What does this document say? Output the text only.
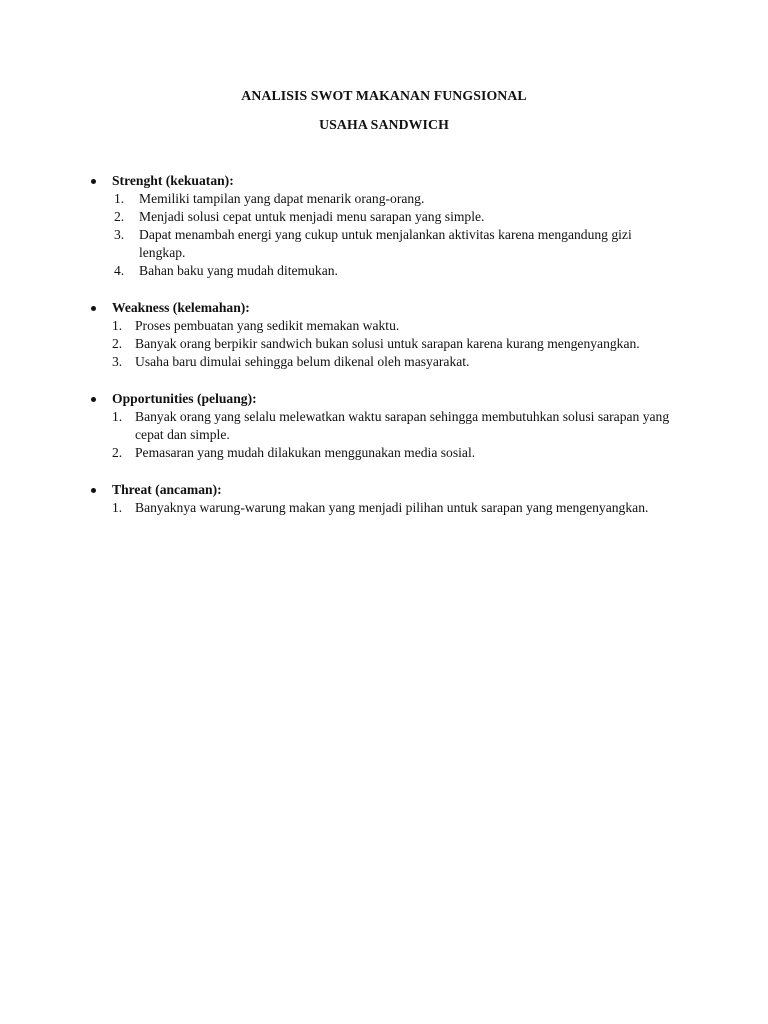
ANALISIS SWOT MAKANAN FUNGSIONAL
USAHA SANDWICH
Strenght (kekuatan):
1.	Memiliki tampilan yang dapat menarik orang-orang.
2.	Menjadi solusi cepat untuk menjadi menu sarapan yang simple.
3.	Dapat menambah energi yang cukup untuk menjalankan aktivitas karena mengandung gizi lengkap.
4.	Bahan baku yang mudah ditemukan.
Weakness (kelemahan):
1. Proses pembuatan yang sedikit memakan waktu.
2. Banyak orang berpikir sandwich bukan solusi untuk sarapan karena kurang mengenyangkan.
3. Usaha baru dimulai sehingga belum dikenal oleh masyarakat.
Opportunities (peluang):
1. Banyak orang yang selalu melewatkan waktu sarapan sehingga membutuhkan solusi sarapan yang cepat dan simple.
2. Pemasaran yang mudah dilakukan menggunakan media sosial.
Threat (ancaman):
1. Banyaknya warung-warung makan yang menjadi pilihan untuk sarapan yang mengenyangkan.
